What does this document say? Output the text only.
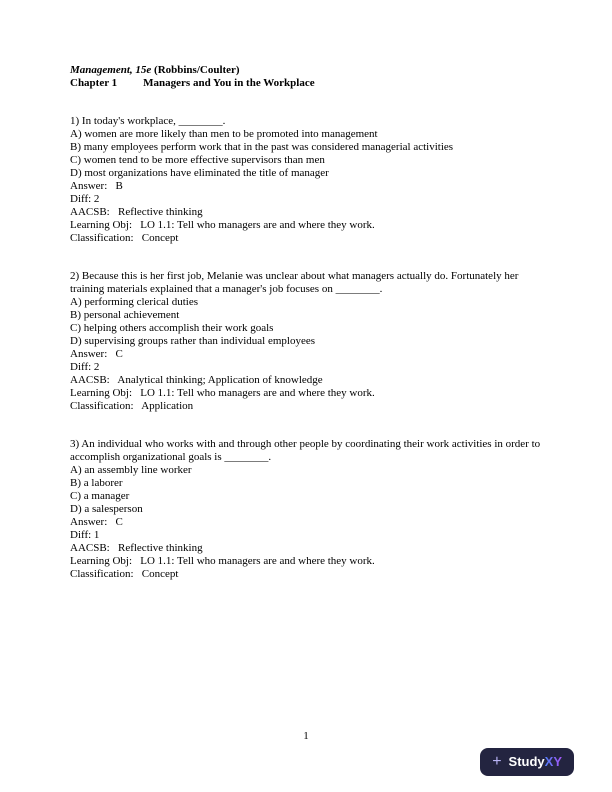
Management, 15e (Robbins/Coulter)
Chapter 1 Managers and You in the Workplace
1) In today's workplace, ________.
A) women are more likely than men to be promoted into management
B) many employees perform work that in the past was considered managerial activities
C) women tend to be more effective supervisors than men
D) most organizations have eliminated the title of manager
Answer:   B
Diff: 2
AACSB:   Reflective thinking
Learning Obj:   LO 1.1: Tell who managers are and where they work.
Classification:   Concept
2) Because this is her first job, Melanie was unclear about what managers actually do. Fortunately her training materials explained that a manager's job focuses on ________.
A) performing clerical duties
B) personal achievement
C) helping others accomplish their work goals
D) supervising groups rather than individual employees
Answer:   C
Diff: 2
AACSB:   Analytical thinking; Application of knowledge
Learning Obj:   LO 1.1: Tell who managers are and where they work.
Classification:   Application
3) An individual who works with and through other people by coordinating their work activities in order to accomplish organizational goals is ________.
A) an assembly line worker
B) a laborer
C) a manager
D) a salesperson
Answer:   C
Diff: 1
AACSB:   Reflective thinking
Learning Obj:   LO 1.1: Tell who managers are and where they work.
Classification:   Concept
1
+ StudyXY
